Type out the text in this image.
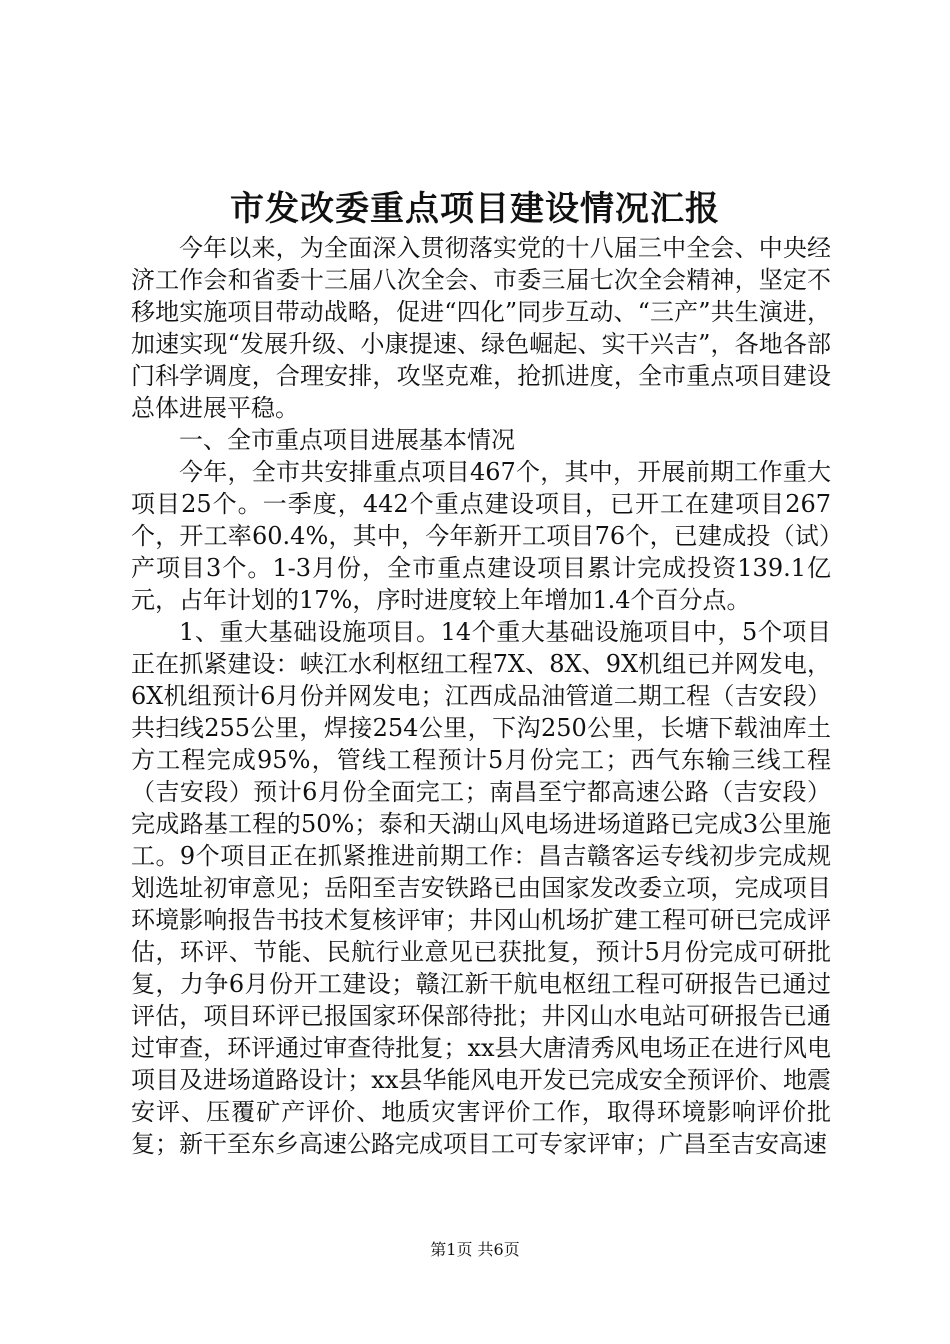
市发改委重点项目建设情况汇报

今年以来，为全面深入贯彻落实党的十八届三中全会、中央经济工作会和省委十三届八次全会、市委三届七次全会精神，坚定不移地实施项目带动战略，促进“四化”同步互动、“三产”共生演进，加速实现“发展升级、小康提速、绿色崛起、实干兴吉”，各地各部门科学调度，合理安排，攻坚克难，抢抓进度，全市重点项目建设总体进展平稳。

一、全市重点项目进展基本情况

今年，全市共安排重点项目467个，其中，开展前期工作重大项目25个。一季度，442个重点建设项目，已开工在建项目267个，开工率60.4%，其中，今年新开工项目76个，已建成投（试）产项目3个。1-3月份，全市重点建设项目累计完成投资139.1亿元，占年计划的17%，序时进度较上年增加1.4个百分点。

1、重大基础设施项目。14个重大基础设施项目中，5个项目正在抓紧建设：峡江水利枢纽工程7X、8X、9X机组已并网发电，6X机组预计6月份并网发电；江西成品油管道二期工程（吉安段）共扫线255公里，焊接254公里，下沟250公里，长塘下载油库土方工程完成95%，管线工程预计5月份完工；西气东输三线工程（吉安段）预计6月份全面完工；南昌至宁都高速公路（吉安段）完成路基工程的50%；泰和天湖山风电场进场道路已完成3公里施工。9个项目正在抓紧推进前期工作：昌吉赣客运专线初步完成规划选址初审意见；岳阳至吉安铁路已由国家发改委立项，完成项目环境影响报告书技术复核评审；井冈山机场扩建工程可研已完成评估，环评、节能、民航行业意见已获批复，预计5月份完成可研批复，力争6月份开工建设；赣江新干航电枢纽工程可研报告已通过评估，项目环评已报国家环保部待批；井冈山水电站可研报告已通过审查，环评通过审查待批复；xx县大唐清秀风电场正在进行风电项目及进场道路设计；xx县华能风电开发已完成安全预评价、地震安评、压覆矿产评价、地质灾害评价工作，取得环境影响评价批复；新干至东乡高速公路完成项目工可专家评审；广昌至吉安高速

第1页 共6页
